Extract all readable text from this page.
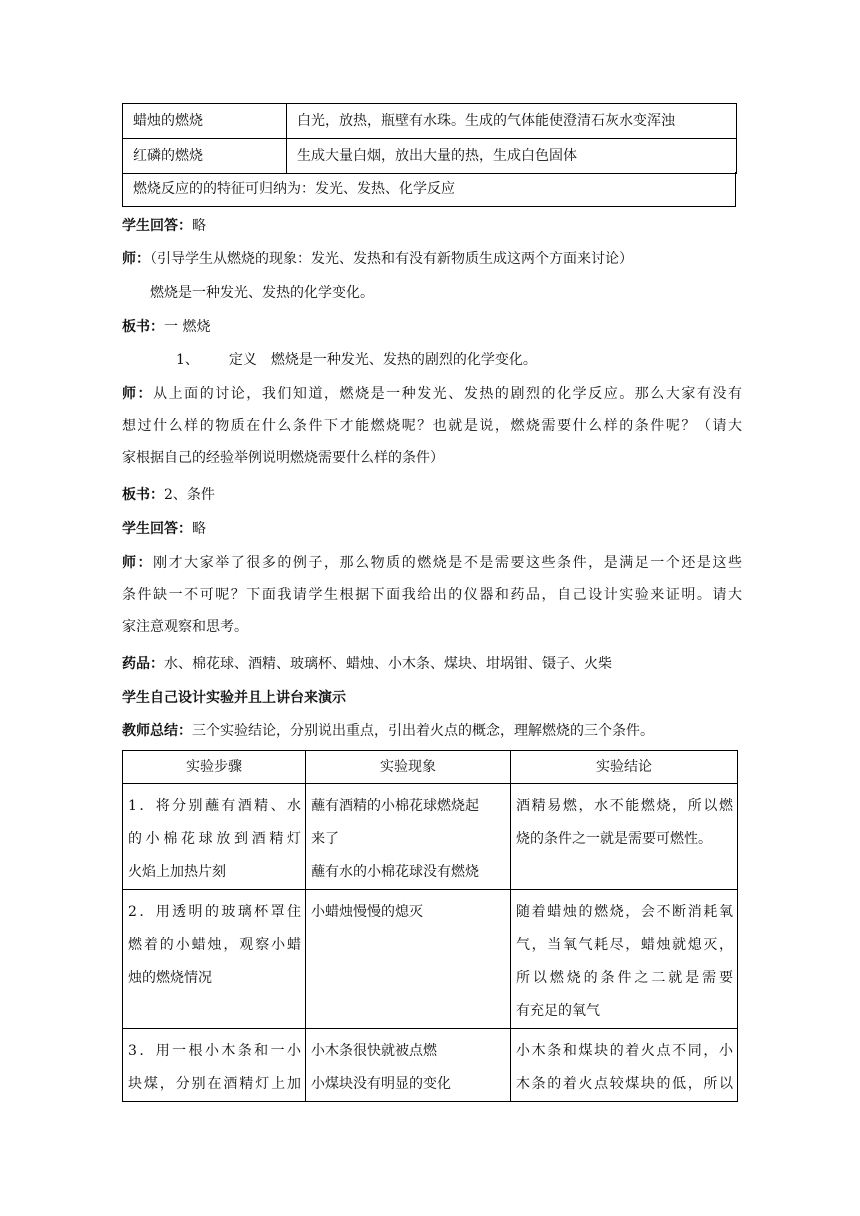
蜡烛的燃烧	白光，放热，瓶壁有水珠。生成的气体能使澄清石灰水变浑浊
红磷的燃烧	生成大量白烟，放出大量的热，生成白色固体
燃烧反应的的特征可归纳为：发光、发热、化学反应
学生回答：略
师：（引导学生从燃烧的现象：发光、发热和有没有新物质生成这两个方面来讨论）
燃烧是一种发光、发热的化学变化。
板书：一 燃烧
1、 定义　燃烧是一种发光、发热的剧烈的化学变化。
师：从上面的讨论，我们知道，燃烧是一种发光、发热的剧烈的化学反应。那么大家有没有
想过什么样的物质在什么条件下才能燃烧呢？也就是说，燃烧需要什么样的条件呢？（请大
家根据自己的经验举例说明燃烧需要什么样的条件）
板书：2、条件
学生回答：略
师：刚才大家举了很多的例子，那么物质的燃烧是不是需要这些条件，是满足一个还是这些
条件缺一不可呢？下面我请学生根据下面我给出的仪器和药品，自己设计实验来证明。请大
家注意观察和思考。
药品：水、棉花球、酒精、玻璃杯、蜡烛、小木条、煤块、坩埚钳、镊子、火柴
学生自己设计实验并且上讲台来演示
教师总结：三个实验结论，分别说出重点，引出着火点的概念，理解燃烧的三个条件。
实验步骤	实验现象	实验结论

1．将分别蘸有酒精、水
的小棉花球放到酒精灯
火焰上加热片刻	蘸有酒精的小棉花球燃烧起
来了
蘸有水的小棉花球没有燃烧	酒精易燃，水不能燃烧，所以燃
烧的条件之一就是需要可燃性。

2．用透明的玻璃杯罩住
燃着的小蜡烛，观察小蜡
烛的燃烧情况	小蜡烛慢慢的熄灭	随着蜡烛的燃烧，会不断消耗氧
气，当氧气耗尽，蜡烛就熄灭，
所以燃烧的条件之二就是需要
有充足的氧气

3．用一根小木条和一小
块煤，分别在酒精灯上加	小木条很快就被点燃
小煤块没有明显的变化	小木条和煤块的着火点不同，小
木条的着火点较煤块的低，所以
